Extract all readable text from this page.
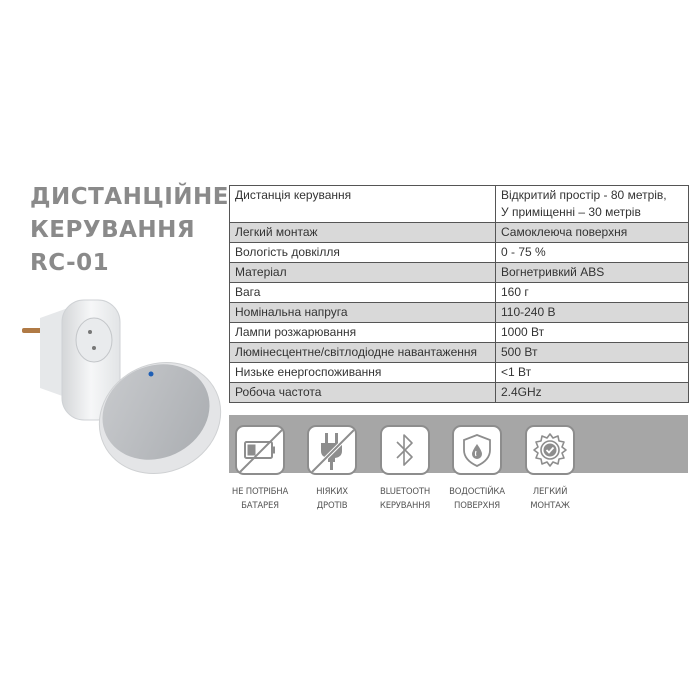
ДИСТАНЦІЙНЕ
КЕРУВАННЯ
RC-01
Дистанція керування	Відкритий простір - 80 метрів,
У приміщенні – 30 метрів

Легкий монтаж	Самоклеюча поверхня
Вологість довкілля	0 - 75 %
Матеріал	Вогнетривкий ABS
Вага	160 г
Номінальна напруга	110-240 В
Лампи розжарювання	1000 Вт
Люмінесцентне/світлодіодне навантаження	500 Вт
Низьке енергоспоживання	<1 Вт
Робоча частота	2.4GHz
НЕ ПОТРІБНА
БАТАРЕЯ
НІЯКИХ
ДРОТІВ
BLUETOOTH
КЕРУВАННЯ
ВОДОСТІЙКА
ПОВЕРХНЯ
ЛЕГКИЙ
МОНТАЖ
